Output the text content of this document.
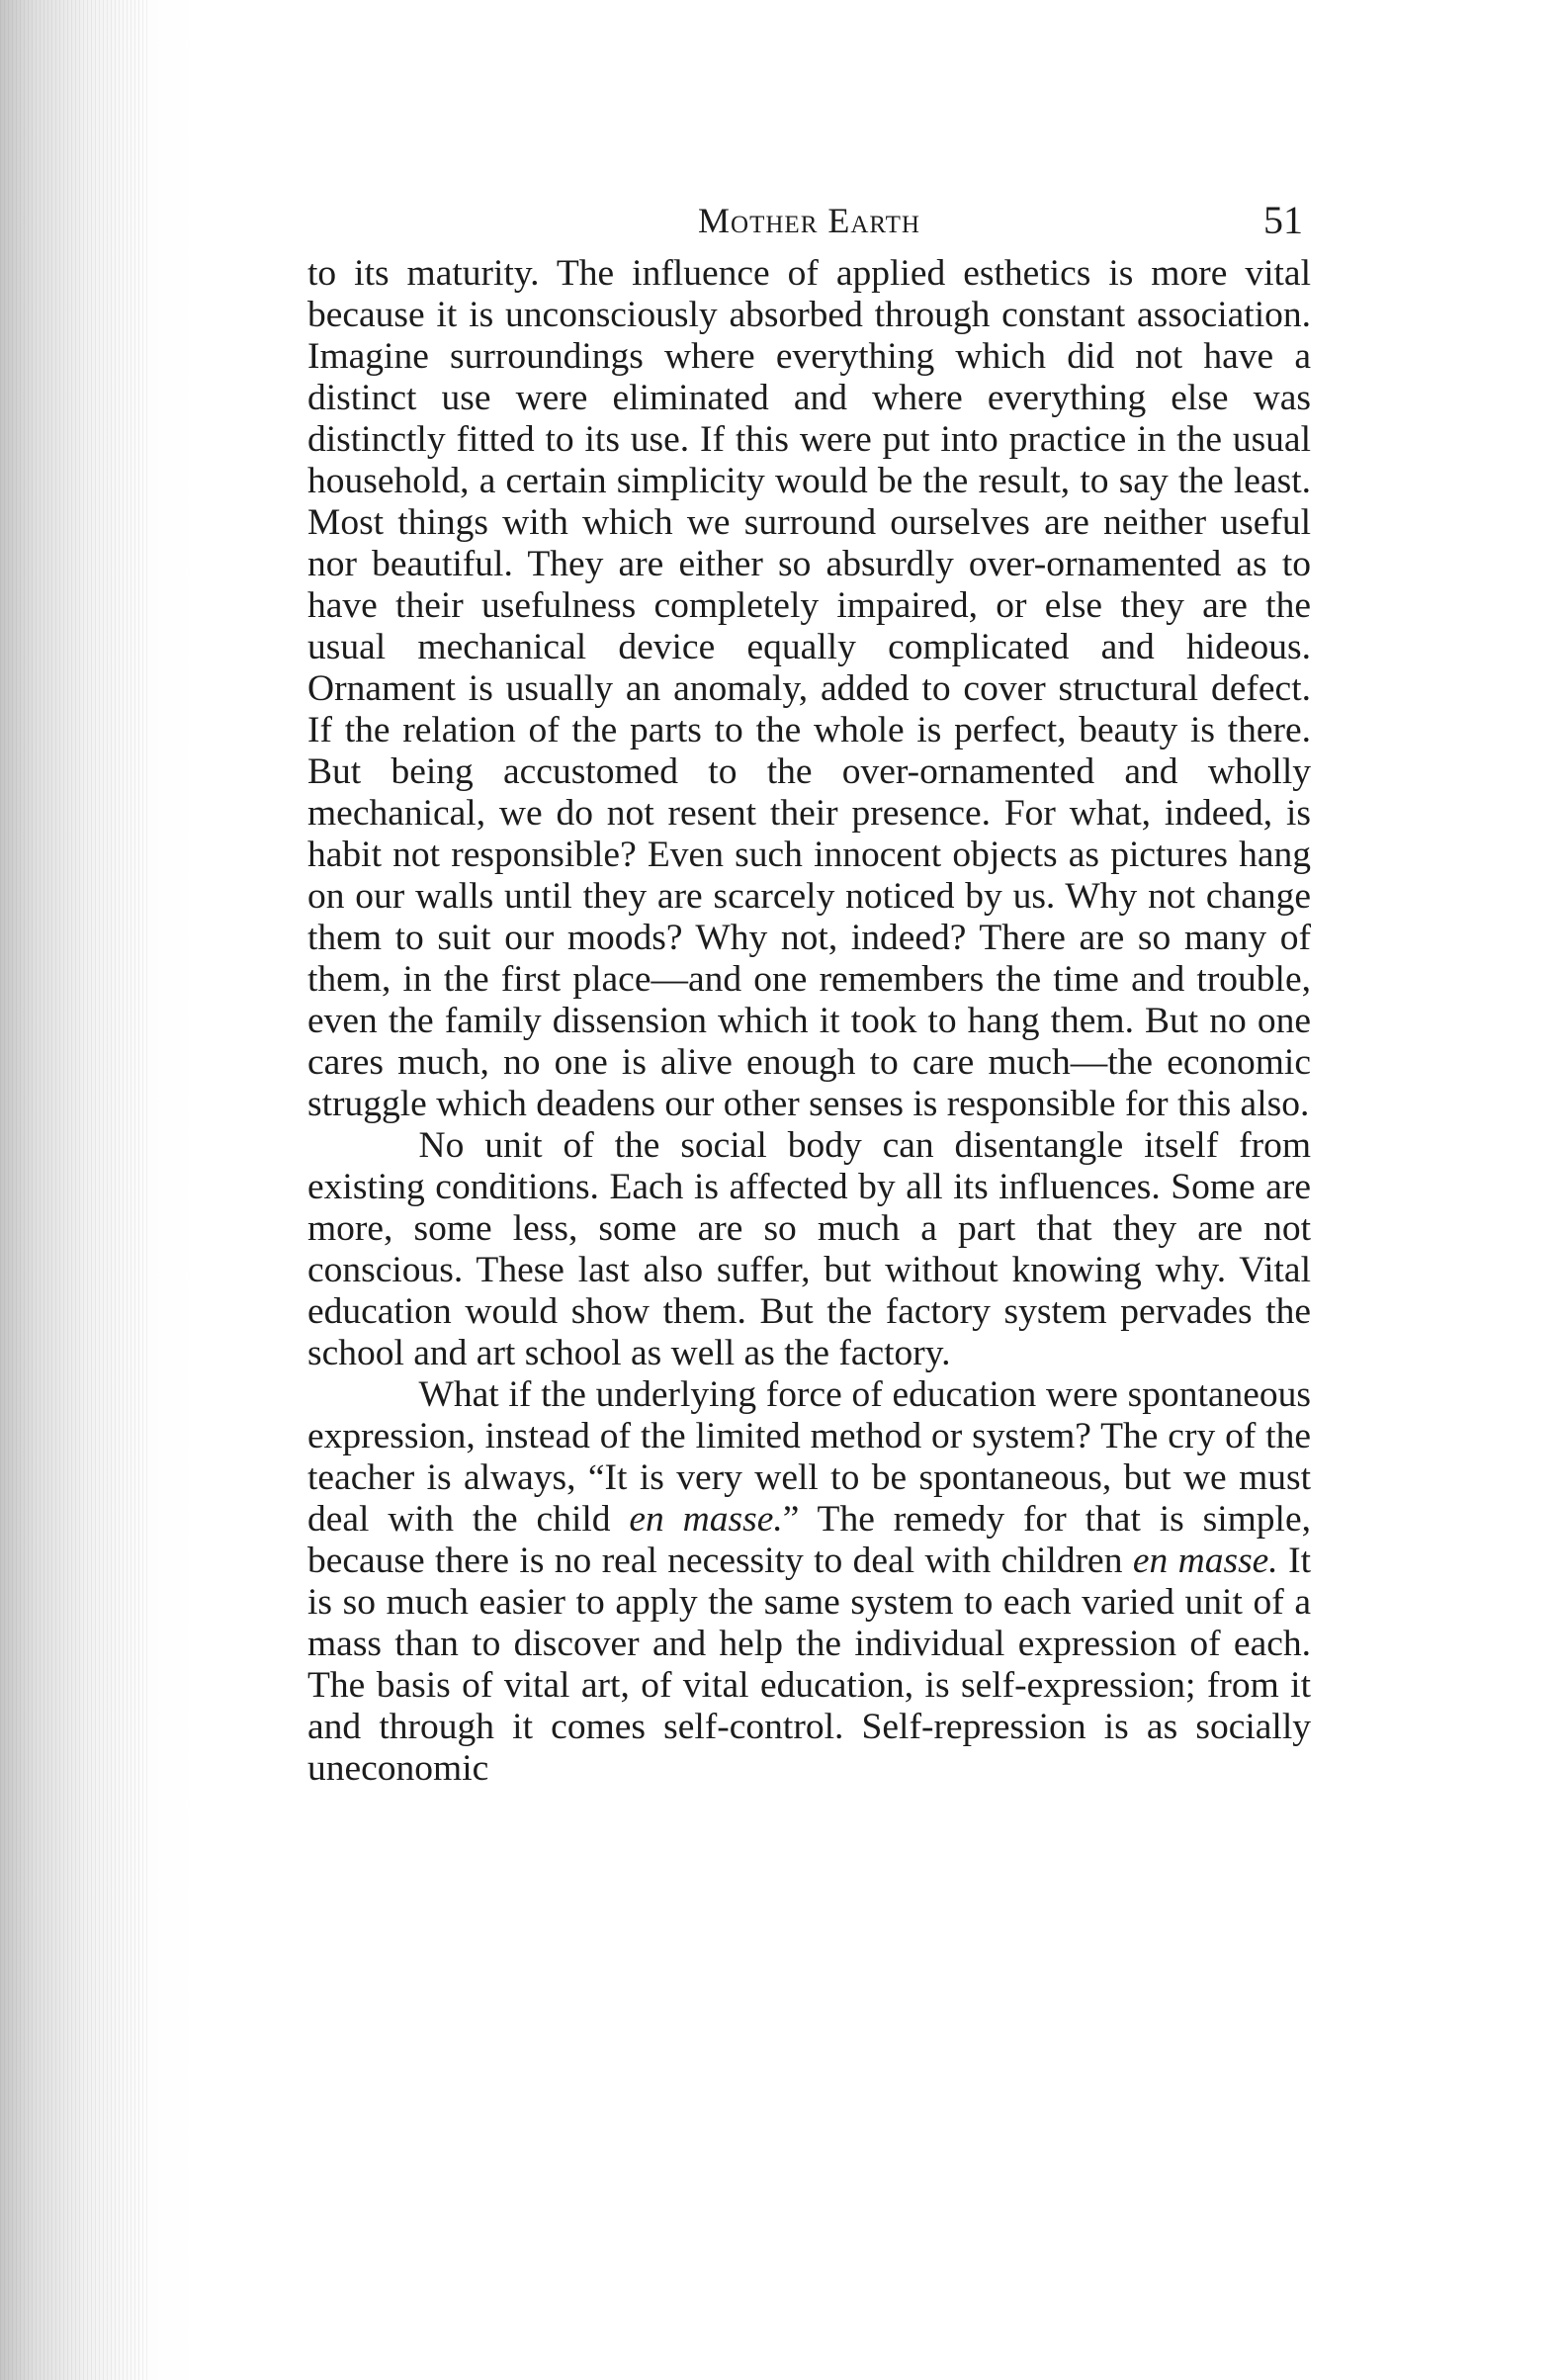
Mother Earth	51

to its maturity. The influence of applied esthetics is more vital because it is unconsciously absorbed through constant association. Imagine surroundings where everything which did not have a distinct use were eliminated and where everything else was distinctly fitted to its use. If this were put into practice in the usual household, a certain simplicity would be the result, to say the least. Most things with which we surround ourselves are neither useful nor beautiful. They are either so absurdly over-ornamented as to have their usefulness completely impaired, or else they are the usual mechanical device equally complicated and hideous. Ornament is usually an anomaly, added to cover structural defect. If the relation of the parts to the whole is perfect, beauty is there. But being accustomed to the over-ornamented and wholly mechanical, we do not resent their presence. For what, indeed, is habit not responsible? Even such innocent objects as pictures hang on our walls until they are scarcely noticed by us. Why not change them to suit our moods? Why not, indeed? There are so many of them, in the first place—and one remembers the time and trouble, even the family dissension which it took to hang them. But no one cares much, no one is alive enough to care much—the economic struggle which deadens our other senses is responsible for this also.

No unit of the social body can disentangle itself from existing conditions. Each is affected by all its influences. Some are more, some less, some are so much a part that they are not conscious. These last also suffer, but without knowing why. Vital education would show them. But the factory system pervades the school and art school as well as the factory.

What if the underlying force of education were spontaneous expression, instead of the limited method or system? The cry of the teacher is always, “It is very well to be spontaneous, but we must deal with the child en masse.” The remedy for that is simple, because there is no real necessity to deal with children en masse. It is so much easier to apply the same system to each varied unit of a mass than to discover and help the individual expression of each. The basis of vital art, of vital education, is self-expression; from it and through it comes self-control. Self-repression is as socially uneconomic
